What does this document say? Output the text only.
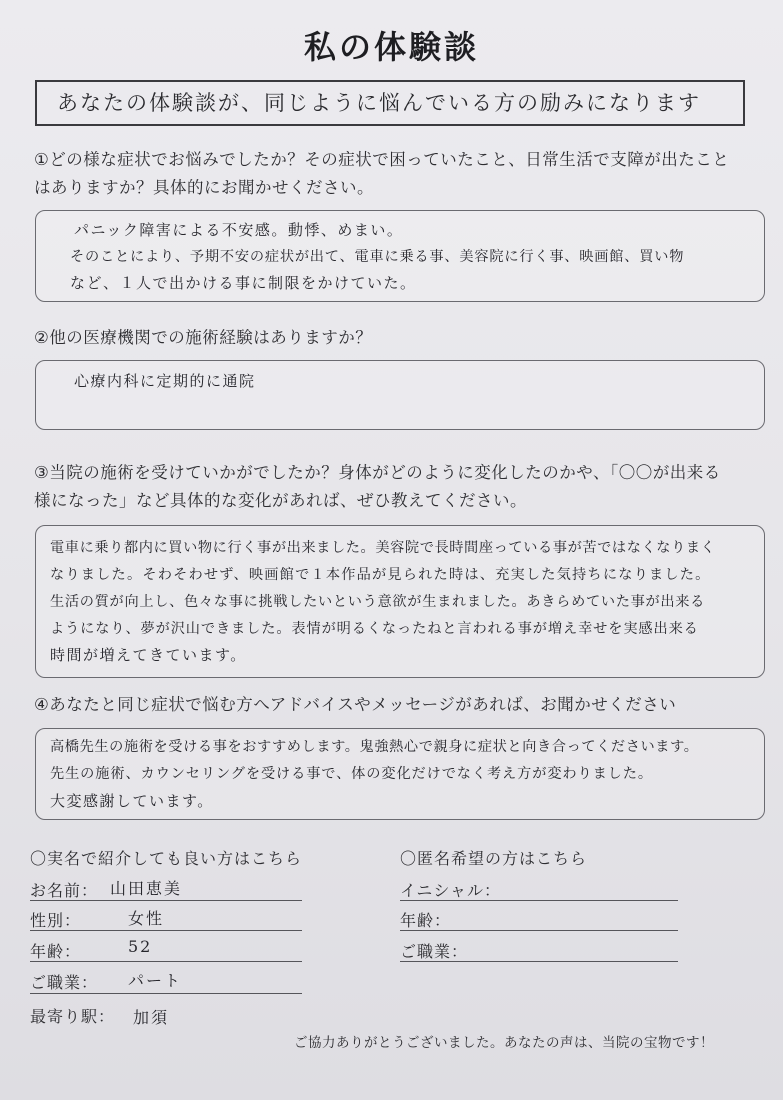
私の体験談
あなたの体験談が、同じように悩んでいる方の励みになります
①どの様な症状でお悩みでしたか？その症状で困っていたこと、日常生活で支障が出たこと
はありますか？具体的にお聞かせください。
パニック障害による不安感。動悸、めまい。
そのことにより、予期不安の症状が出て、電車に乗る事、美容院に行く事、映画館、買い物
など、１人で出かける事に制限をかけていた。
②他の医療機関での施術経験はありますか？
心療内科に定期的に通院
③当院の施術を受けていかがでしたか？身体がどのように変化したのかや、「〇〇が出来る
様になった」など具体的な変化があれば、ぜひ教えてください。
電車に乗り都内に買い物に行く事が出来ました。美容院で長時間座っている事が苦ではなくなりまく
なりました。そわそわせず、映画館で１本作品が見られた時は、充実した気持ちになりました。
生活の質が向上し、色々な事に挑戦したいという意欲が生まれました。あきらめていた事が出来る
ようになり、夢が沢山できました。表情が明るくなったねと言われる事が増え幸せを実感出来る
時間が増えてきています。
④あなたと同じ症状で悩む方へアドバイスやメッセージがあれば、お聞かせください
高橋先生の施術を受ける事をおすすめします。鬼強熱心で親身に症状と向き合ってくださいます。
先生の施術、カウンセリングを受ける事で、体の変化だけでなく考え方が変わりました。
大変感謝しています。
〇実名で紹介しても良い方はこちら
お名前： 山田恵美
性別：	女性
年齢：	52
ご職業： パート
最寄り駅： 加須
〇匿名希望の方はこちら
イニシャル：
年齢：
ご職業：
ご協力ありがとうございました。あなたの声は、当院の宝物です！
